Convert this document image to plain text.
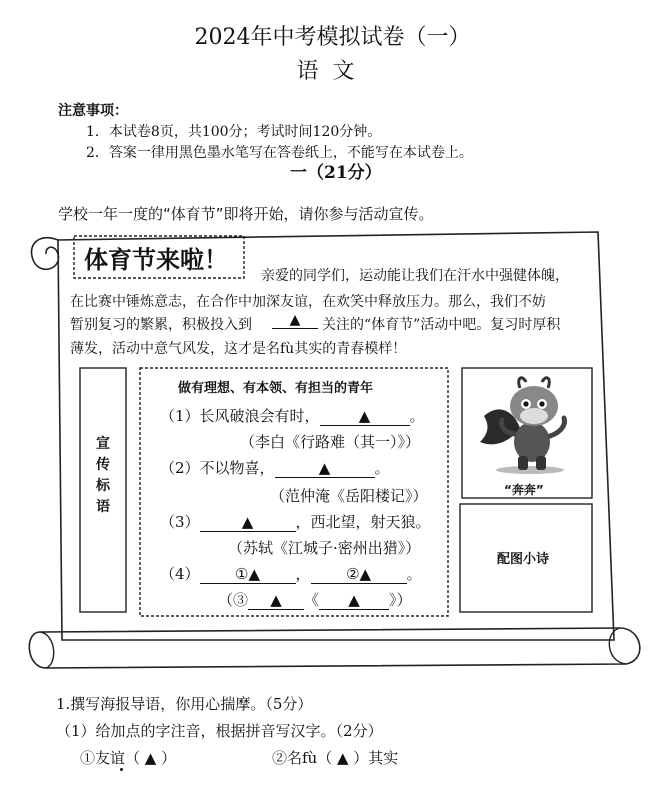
2024年中考模拟试卷（一）
语文
注意事项：
1．本试卷8页，共100分；考试时间120分钟。
2．答案一律用黑色墨水笔写在答卷纸上，不能写在本试卷上。
一（21分）
学校一年一度的“体育节”即将开始，请你参与活动宣传。
“奔奔”
配图小诗
体育节来啦！
亲爱的同学们，运动能让我们在汗水中强健体魄，
在比赛中锤炼意志，在合作中加深友谊，在欢笑中释放压力。那么，我们不妨
暂别复习的繁累，积极投入到	▲	关注的“体育节”活动中吧。复习时厚积
薄发，活动中意气风发，这才是名fù其实的青春模样！
宣
传
标
语
做有理想、有本领、有担当的青年
（1）长风破浪会有时，	▲	。
（李白《行路难（其一）》）
（2）不以物喜，	▲	。
（范仲淹《岳阳楼记》）
（3）	▲	，西北望，射天狼。
（苏轼《江城子·密州出猎》）
（4） ①▲ ， ②▲ 。
（③ ▲ 《 ▲ 》）
1.撰写海报导语，你用心揣摩。（5分）
（1）给加点的字注音，根据拼音写汉字。（2分）
①友谊（ ▲ ）	②名fù（ ▲ ）其实
